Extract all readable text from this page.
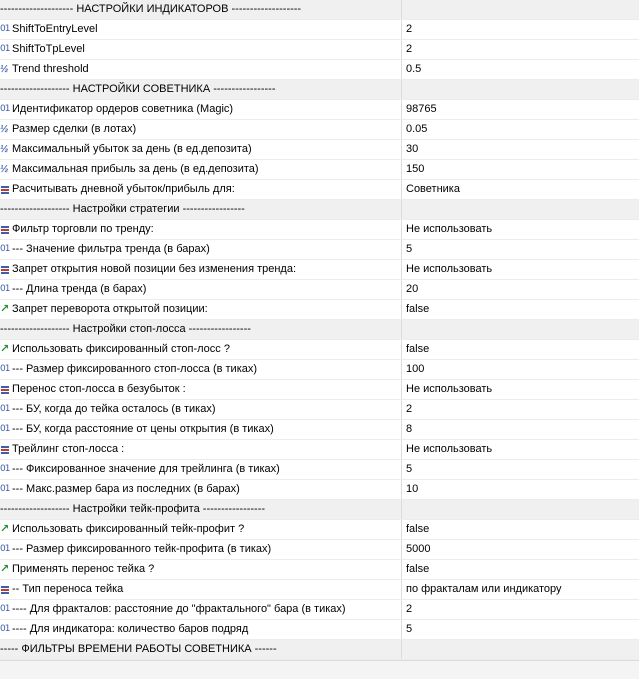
-------------------- НАСТРОЙКИ ИНДИКАТОРОВ -------------------
01 ShiftToEntryLevel	2
01 ShiftToTpLevel	2
½ Trend threshold	0.5
------------------- НАСТРОЙКИ СОВЕТНИКА -----------------
01 Идентификатор ордеров советника (Magic)	98765
½ Размер сделки (в лотах)	0.05
½ Максимальный убыток за день (в ед.депозита)	30
½ Максимальная прибыль за день (в ед.депозита)	150
Расчитывать дневной убыток/прибыль для:	Советника
------------------- Настройки стратегии -----------------
Фильтр торговли по тренду:	Не использовать
01 --- Значение фильтра тренда (в барах)	5
Запрет открытия новой позиции без изменения тренда:	Не использовать
01 --- Длина тренда (в барах)	20
↗ Запрет переворота открытой позиции:	false
------------------- Настройки стоп-лосса -----------------
↗ Использовать фиксированный стоп-лосс ?	false
01 --- Размер фиксированного стоп-лосса (в тиках)	100
Перенос стоп-лосса в безубыток :	Не использовать
01 --- БУ, когда до тейка осталось (в тиках)	2
01 --- БУ, когда расстояние от цены открытия (в тиках)	8
Трейлинг стоп-лосса :	Не использовать
01 --- Фиксированное значение для трейлинга (в тиках)	5
01 --- Макс.размер бара из последних (в барах)	10
------------------- Настройки тейк-профита -----------------
↗ Использовать фиксированный тейк-профит ?	false
01 --- Размер фиксированного тейк-профита (в тиках)	5000
↗ Применять перенос тейка ?	false
-- Тип переноса тейка	по фракталам или индикатору
01 ---- Для фракталов: расстояние до "фрактального" бара (в тиках)	2
01 ---- Для индикатора: количество баров подряд	5
----- ФИЛЬТРЫ ВРЕМЕНИ РАБОТЫ СОВЕТНИКА ------
